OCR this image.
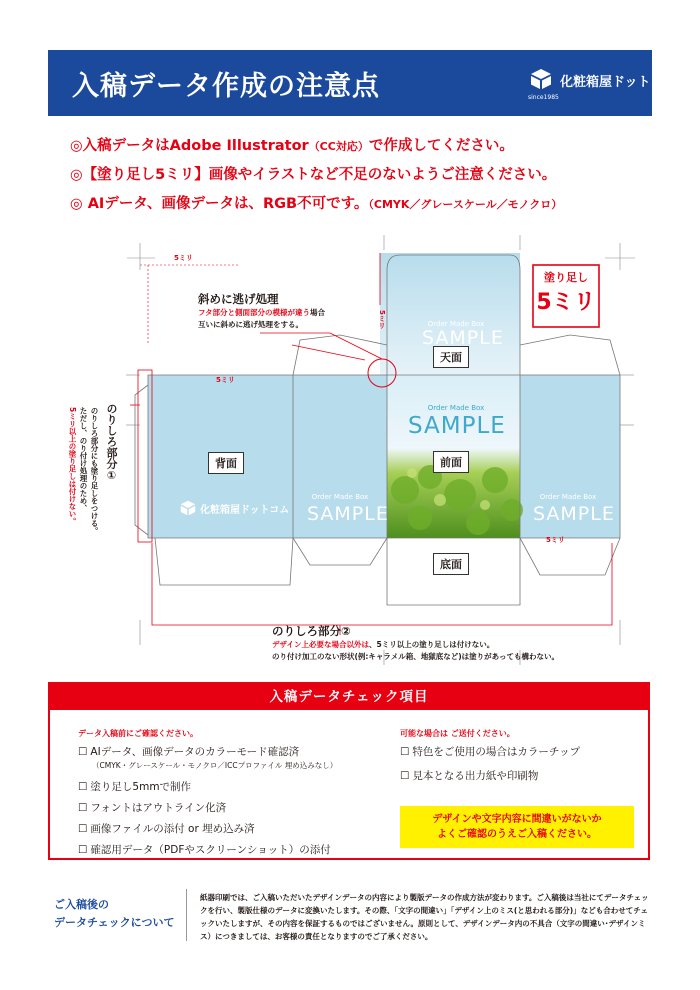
入稿データ作成の注意点	化粧箱屋ドットコム
since1985
◎入稿データはAdobe Illustrator（CC対応）で作成してください。
◎【塗り足し5ミリ】画像やイラストなど不足のないようご注意ください。
◎ AIデータ、画像データは、RGB不可です。（CMYK／グレースケール／モノクロ）
塗り足し
5ミリ
5ミリ
5ミリ
5ミリ
5ミリ
天面
前面
背面
底面
Order Made Box
SAMPLE
Order Made Box
SAMPLE
Order Made Box
SAMPLE
Order Made Box
SAMPLE
化粧箱屋ドットコム
斜めに逃げ処理
フタ部分と側面部分の模様が違う場合
互いに斜めに逃げ処理をする。
のりしろ部分①
のりしろ部分にも塗り足しをつける。
ただし、のり付け処理のため、
5ミリ以上の塗り足しは付けない。
のりしろ部分②
デザイン上必要な場合以外は、5ミリ以上の塗り足しは付けない。
のり付け加工のない形状(例:キャラメル箱、地獄底など)は塗りがあっても構わない。
入稿データチェック項目
データ入稿前にご確認ください。
☐ AIデータ、画像データのカラーモード確認済
（CMYK・グレースケール・モノクロ／ICCプロファイル 埋め込みなし）
☐ 塗り足し5mmで制作
☐ フォントはアウトライン化済
☐ 画像ファイルの添付 or 埋め込み済
☐ 確認用データ（PDFやスクリーンショット）の添付
可能な場合は ご送付ください。
☐ 特色をご使用の場合はカラーチップ
☐ 見本となる出力紙や印刷物
デザインや文字内容に間違いがないか
よくご確認のうえご入稿ください。
ご入稿後の
データチェックについて
紙器印刷では、ご入稿いただいたデザインデータの内容により製版データの作成方法が変わります。ご入稿後は当社にてデータチェックを行い、製版仕様のデータに変換いたします。その際、「文字の間違い」「デザイン上のミス(と思われる部分)」なども合わせてチェックいたしますが、その内容を保証するものではございません。原則として、デザインデータ内の不具合（文字の間違い･デザインミス）につきましては、お客様の責任となりますのでご了承ください。
